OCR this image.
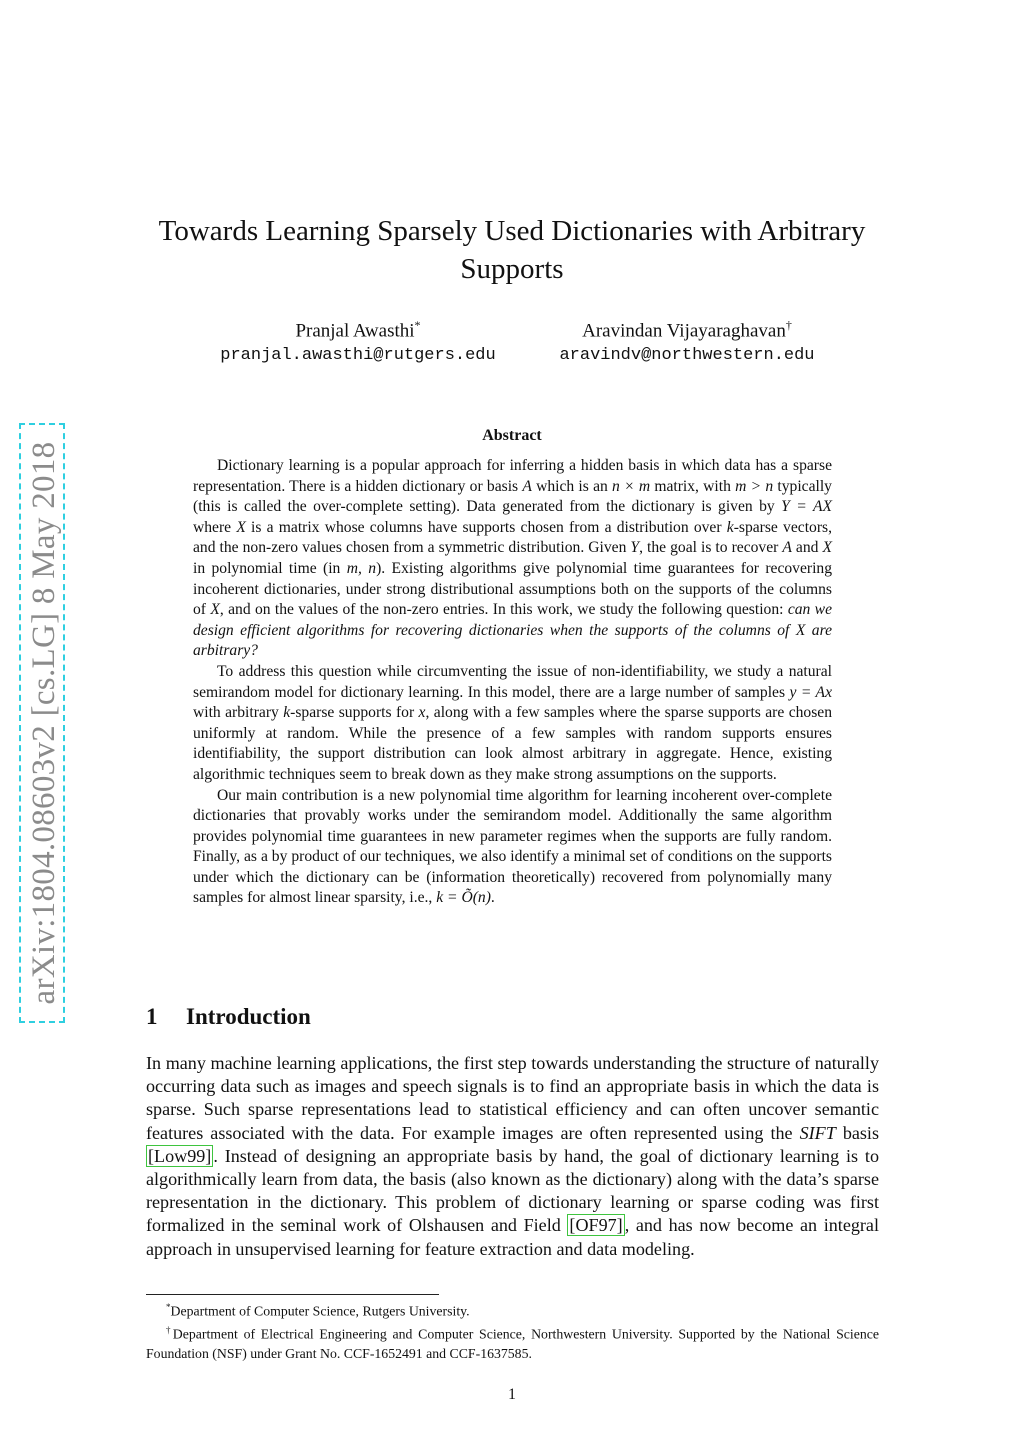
arXiv:1804.08603v2 [cs.LG] 8 May 2018
Towards Learning Sparsely Used Dictionaries with Arbitrary Supports
Pranjal Awasthi*
pranjal.awasthi@rutgers.edu
Aravindan Vijayaraghavan†
aravindv@northwestern.edu
Abstract

Dictionary learning is a popular approach for inferring a hidden basis in which data has a sparse representation. There is a hidden dictionary or basis A which is an n × m matrix, with m > n typically (this is called the over-complete setting). Data generated from the dictionary is given by Y = AX where X is a matrix whose columns have supports chosen from a distribution over k-sparse vectors, and the non-zero values chosen from a symmetric distribution. Given Y, the goal is to recover A and X in polynomial time (in m, n). Existing algorithms give polynomial time guarantees for recovering incoherent dictionaries, under strong distributional assumptions both on the supports of the columns of X, and on the values of the non-zero entries. In this work, we study the following question: can we design efficient algorithms for recovering dictionaries when the supports of the columns of X are arbitrary?

To address this question while circumventing the issue of non-identifiability, we study a natural semirandom model for dictionary learning. In this model, there are a large number of samples y = Ax with arbitrary k-sparse supports for x, along with a few samples where the sparse supports are chosen uniformly at random. While the presence of a few samples with random supports ensures identifiability, the support distribution can look almost arbitrary in aggregate. Hence, existing algorithmic techniques seem to break down as they make strong assumptions on the supports.

Our main contribution is a new polynomial time algorithm for learning incoherent over-complete dictionaries that provably works under the semirandom model. Additionally the same algorithm provides polynomial time guarantees in new parameter regimes when the supports are fully random. Finally, as a by product of our techniques, we also identify a minimal set of conditions on the supports under which the dictionary can be (information theoretically) recovered from polynomially many samples for almost linear sparsity, i.e., k = Õ(n).

1 Introduction

In many machine learning applications, the first step towards understanding the structure of naturally occurring data such as images and speech signals is to find an appropriate basis in which the data is sparse. Such sparse representations lead to statistical efficiency and can often uncover semantic features associated with the data. For example images are often represented using the SIFT basis [Low99] . Instead of designing an appropriate basis by hand, the goal of dictionary learning is to algorithmically learn from data, the basis (also known as the dictionary) along with the data’s sparse representation in the dictionary. This problem of dictionary learning or sparse coding was first formalized in the seminal work of Olshausen and Field [OF97] , and has now become an integral approach in unsupervised learning for feature extraction and data modeling.

*Department of Computer Science, Rutgers University.

†Department of Electrical Engineering and Computer Science, Northwestern University. Supported by the National Science Foundation (NSF) under Grant No. CCF-1652491 and CCF-1637585.

1
